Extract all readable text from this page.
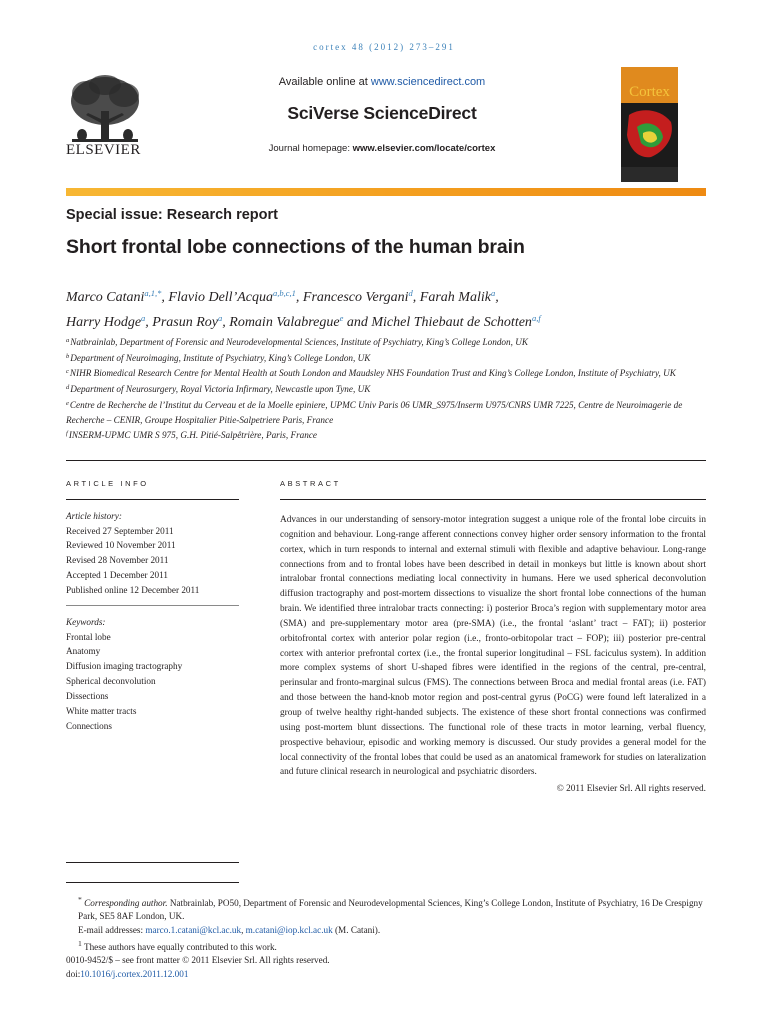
cortex 48 (2012) 273–291
ELSEVIER
Available online at www.sciencedirect.com
SciVerse ScienceDirect
Journal homepage: www.elsevier.com/locate/cortex
Cortex
Special issue: Research report
Short frontal lobe connections of the human brain
Marco Catani$^{a,1,*}$, Flavio Dell’Acqua$^{a,b,c,1}$, Francesco Vergani$^d$, Farah Malik$^a$,
Harry Hodge$^a$, Prasun Roy$^a$, Romain Valabregue$^e$ and Michel Thiebaut de Schotten$^{a,f}$
$^a$Natbrainlab, Department of Forensic and Neurodevelopmental Sciences, Institute of Psychiatry, King’s College London, UK
$^b$Department of Neuroimaging, Institute of Psychiatry, King’s College London, UK
$^c$NIHR Biomedical Research Centre for Mental Health at South London and Maudsley NHS Foundation Trust and King’s College London, Institute of Psychiatry, UK
$^d$Department of Neurosurgery, Royal Victoria Infirmary, Newcastle upon Tyne, UK
$^e$Centre de Recherche de l’Institut du Cerveau et de la Moelle epiniere, UPMC Univ Paris 06 UMR_S975/Inserm U975/CNRS UMR 7225, Centre de Neuroimagerie de Recherche – CENIR, Groupe Hospitalier Pitie-Salpetriere Paris, France
$^f$INSERM-UPMC UMR S 975, G.H. Pitié-Salpêtrière, Paris, France
ARTICLE INFO
Article history:
Received 27 September 2011
Reviewed 10 November 2011
Revised 28 November 2011
Accepted 1 December 2011
Published online 12 December 2011
Keywords:
Frontal lobe
Anatomy
Diffusion imaging tractography
Spherical deconvolution
Dissections
White matter tracts
Connections
ABSTRACT
Advances in our understanding of sensory-motor integration suggest a unique role of the frontal lobe circuits in cognition and behaviour. Long-range afferent connections convey higher order sensory information to the frontal cortex, which in turn responds to internal and external stimuli with flexible and adaptive behaviour. Long-range connections from and to frontal lobes have been described in detail in monkeys but little is known about short intralobar frontal connections mediating local connectivity in humans. Here we used spherical deconvolution diffusion tractography and post-mortem dissections to visualize the short frontal lobe connections of the human brain. We identified three intralobar tracts connecting: i) posterior Broca’s region with supplementary motor area (SMA) and pre-supplementary motor area (pre-SMA) (i.e., the frontal ‘aslant’ tract – FAT); ii) posterior orbitofrontal cortex with anterior polar region (i.e., fronto-orbitopolar tract – FOP); iii) posterior pre-central cortex with anterior prefrontal cortex (i.e., the frontal superior longitudinal – FSL faciculus system). In addition more complex systems of short U-shaped fibres were identified in the regions of the central, pre-central, perinsular and fronto-marginal sulcus (FMS). The connections between Broca and medial frontal areas (i.e. FAT) and those between the hand-knob motor region and post-central gyrus (PoCG) were found left lateralized in a group of twelve healthy right-handed subjects. The existence of these short frontal connections was confirmed using post-mortem blunt dissections. The functional role of these tracts in motor learning, verbal fluency, prospective behaviour, episodic and working memory is discussed. Our study provides a general model for the local connectivity of the frontal lobes that could be used as an anatomical framework for studies on lateralization and future clinical research in neurological and psychiatric disorders.
© 2011 Elsevier Srl. All rights reserved.
* Corresponding author. Natbrainlab, PO50, Department of Forensic and Neurodevelopmental Sciences, King’s College London, Institute of Psychiatry, 16 De Crespigny Park, SE5 8AF London, UK.
E-mail addresses: marco.1.catani@kcl.ac.uk, m.catani@iop.kcl.ac.uk (M. Catani).
$^1$ These authors have equally contributed to this work.
0010-9452/$ – see front matter © 2011 Elsevier Srl. All rights reserved.
doi:10.1016/j.cortex.2011.12.001
